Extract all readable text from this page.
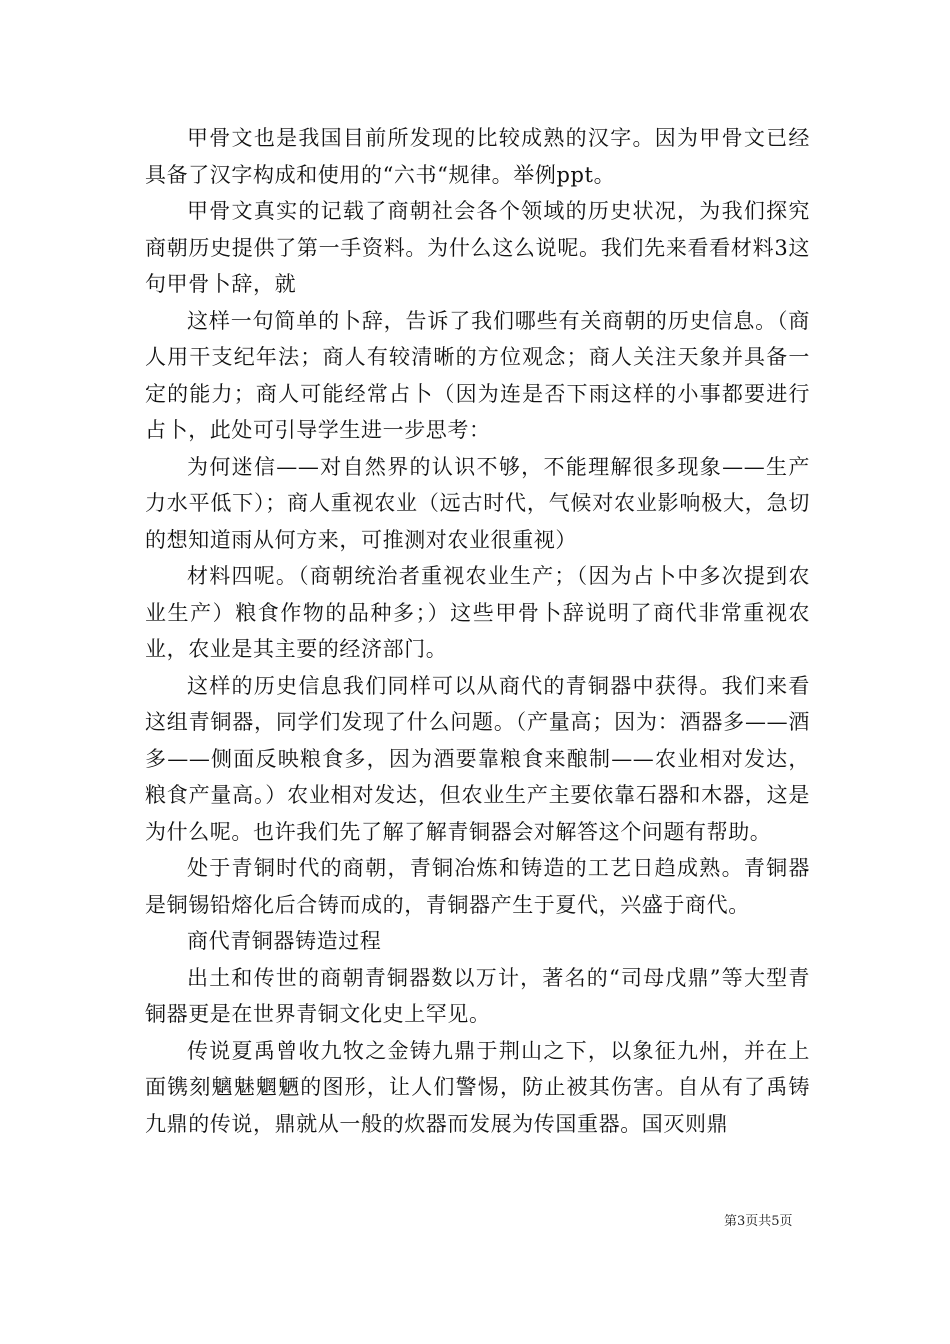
甲骨文也是我国目前所发现的比较成熟的汉字。因为甲骨文已经具备了汉字构成和使用的“六书“规律。举例ppt。

甲骨文真实的记载了商朝社会各个领域的历史状况，为我们探究商朝历史提供了第一手资料。为什么这么说呢。我们先来看看材料3这句甲骨卜辞，就

这样一句简单的卜辞，告诉了我们哪些有关商朝的历史信息。（商人用干支纪年法；商人有较清晰的方位观念；商人关注天象并具备一定的能力；商人可能经常占卜（因为连是否下雨这样的小事都要进行占卜，此处可引导学生进一步思考：

为何迷信——对自然界的认识不够，不能理解很多现象——生产力水平低下）；商人重视农业（远古时代，气候对农业影响极大，急切的想知道雨从何方来，可推测对农业很重视）

材料四呢。（商朝统治者重视农业生产；（因为占卜中多次提到农业生产）粮食作物的品种多；）这些甲骨卜辞说明了商代非常重视农业，农业是其主要的经济部门。

这样的历史信息我们同样可以从商代的青铜器中获得。我们来看这组青铜器，同学们发现了什么问题。（产量高；因为：酒器多——酒多——侧面反映粮食多，因为酒要靠粮食来酿制——农业相对发达，粮食产量高。）农业相对发达，但农业生产主要依靠石器和木器，这是为什么呢。也许我们先了解了解青铜器会对解答这个问题有帮助。

处于青铜时代的商朝，青铜冶炼和铸造的工艺日趋成熟。青铜器是铜锡铅熔化后合铸而成的，青铜器产生于夏代，兴盛于商代。

商代青铜器铸造过程

出土和传世的商朝青铜器数以万计，著名的“司母戊鼎”等大型青铜器更是在世界青铜文化史上罕见。

传说夏禹曾收九牧之金铸九鼎于荆山之下，以象征九州，并在上面镌刻魑魅魍魉的图形，让人们警惕，防止被其伤害。自从有了禹铸九鼎的传说，鼎就从一般的炊器而发展为传国重器。国灭则鼎

第3页共5页
